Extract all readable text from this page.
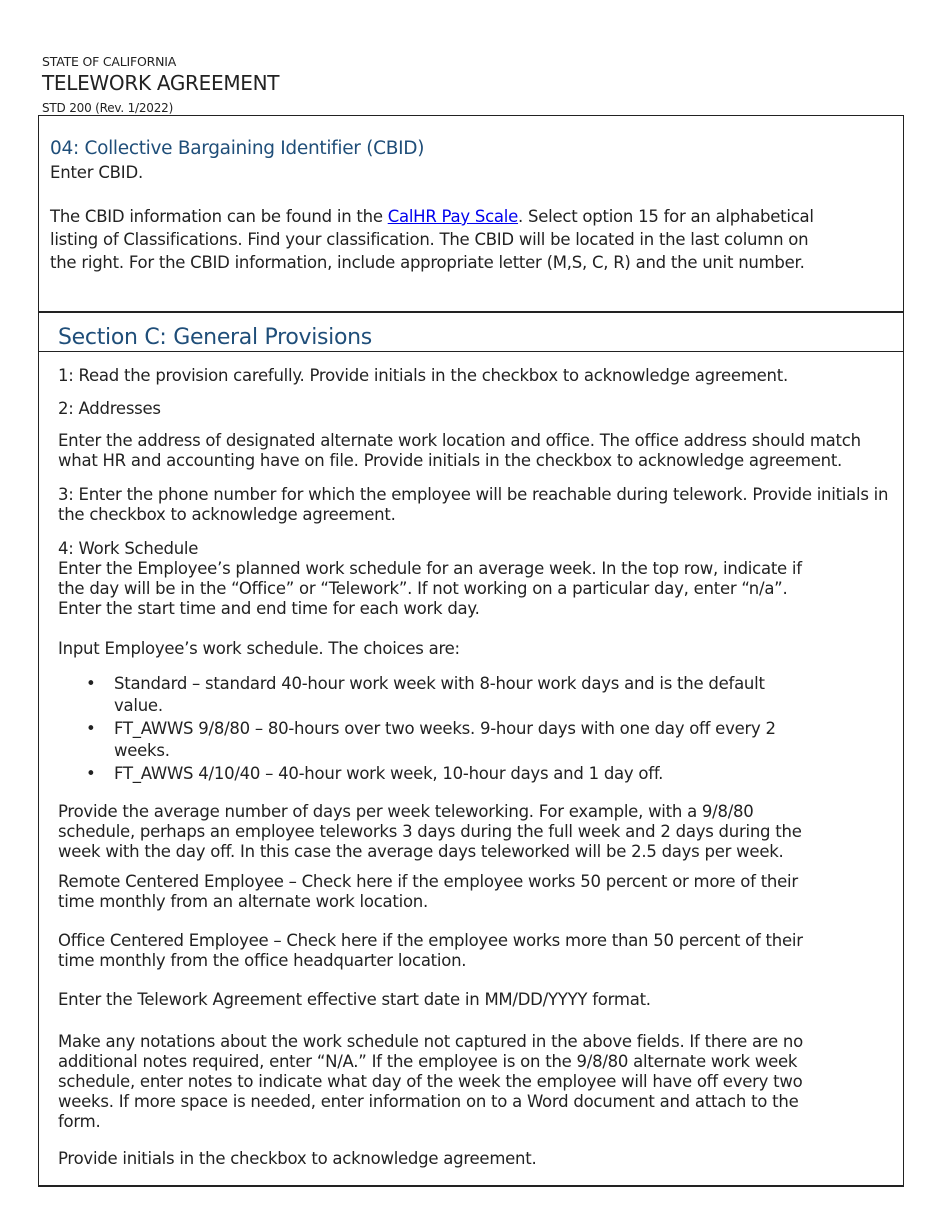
STATE OF CALIFORNIA
TELEWORK AGREEMENT
STD 200 (Rev. 1/2022)
04: Collective Bargaining Identifier (CBID)
Enter CBID.
The CBID information can be found in the CalHR Pay Scale. Select option 15 for an alphabetical listing of Classifications. Find your classification. The CBID will be located in the last column on the right. For the CBID information, include appropriate letter (M,S, C, R) and the unit number.
Section C: General Provisions
1: Read the provision carefully. Provide initials in the checkbox to acknowledge agreement.
2: Addresses
Enter the address of designated alternate work location and office. The office address should match what HR and accounting have on file. Provide initials in the checkbox to acknowledge agreement.
3: Enter the phone number for which the employee will be reachable during telework. Provide initials in the checkbox to acknowledge agreement.
4: Work Schedule
Enter the Employee’s planned work schedule for an average week. In the top row, indicate if the day will be in the “Office” or “Telework”. If not working on a particular day, enter “n/a”. Enter the start time and end time for each work day.
Input Employee’s work schedule. The choices are:
• Standard – standard 40-hour work week with 8-hour work days and is the default value.
• FT_AWWS 9/8/80 – 80-hours over two weeks. 9-hour days with one day off every 2 weeks.
• FT_AWWS 4/10/40 – 40-hour work week, 10-hour days and 1 day off.
Provide the average number of days per week teleworking. For example, with a 9/8/80 schedule, perhaps an employee teleworks 3 days during the full week and 2 days during the week with the day off. In this case the average days teleworked will be 2.5 days per week.
Remote Centered Employee – Check here if the employee works 50 percent or more of their time monthly from an alternate work location.
Office Centered Employee – Check here if the employee works more than 50 percent of their time monthly from the office headquarter location.
Enter the Telework Agreement effective start date in MM/DD/YYYY format.
Make any notations about the work schedule not captured in the above fields. If there are no additional notes required, enter “N/A.” If the employee is on the 9/8/80 alternate work week schedule, enter notes to indicate what day of the week the employee will have off every two weeks. If more space is needed, enter information on to a Word document and attach to the form.
Provide initials in the checkbox to acknowledge agreement.
